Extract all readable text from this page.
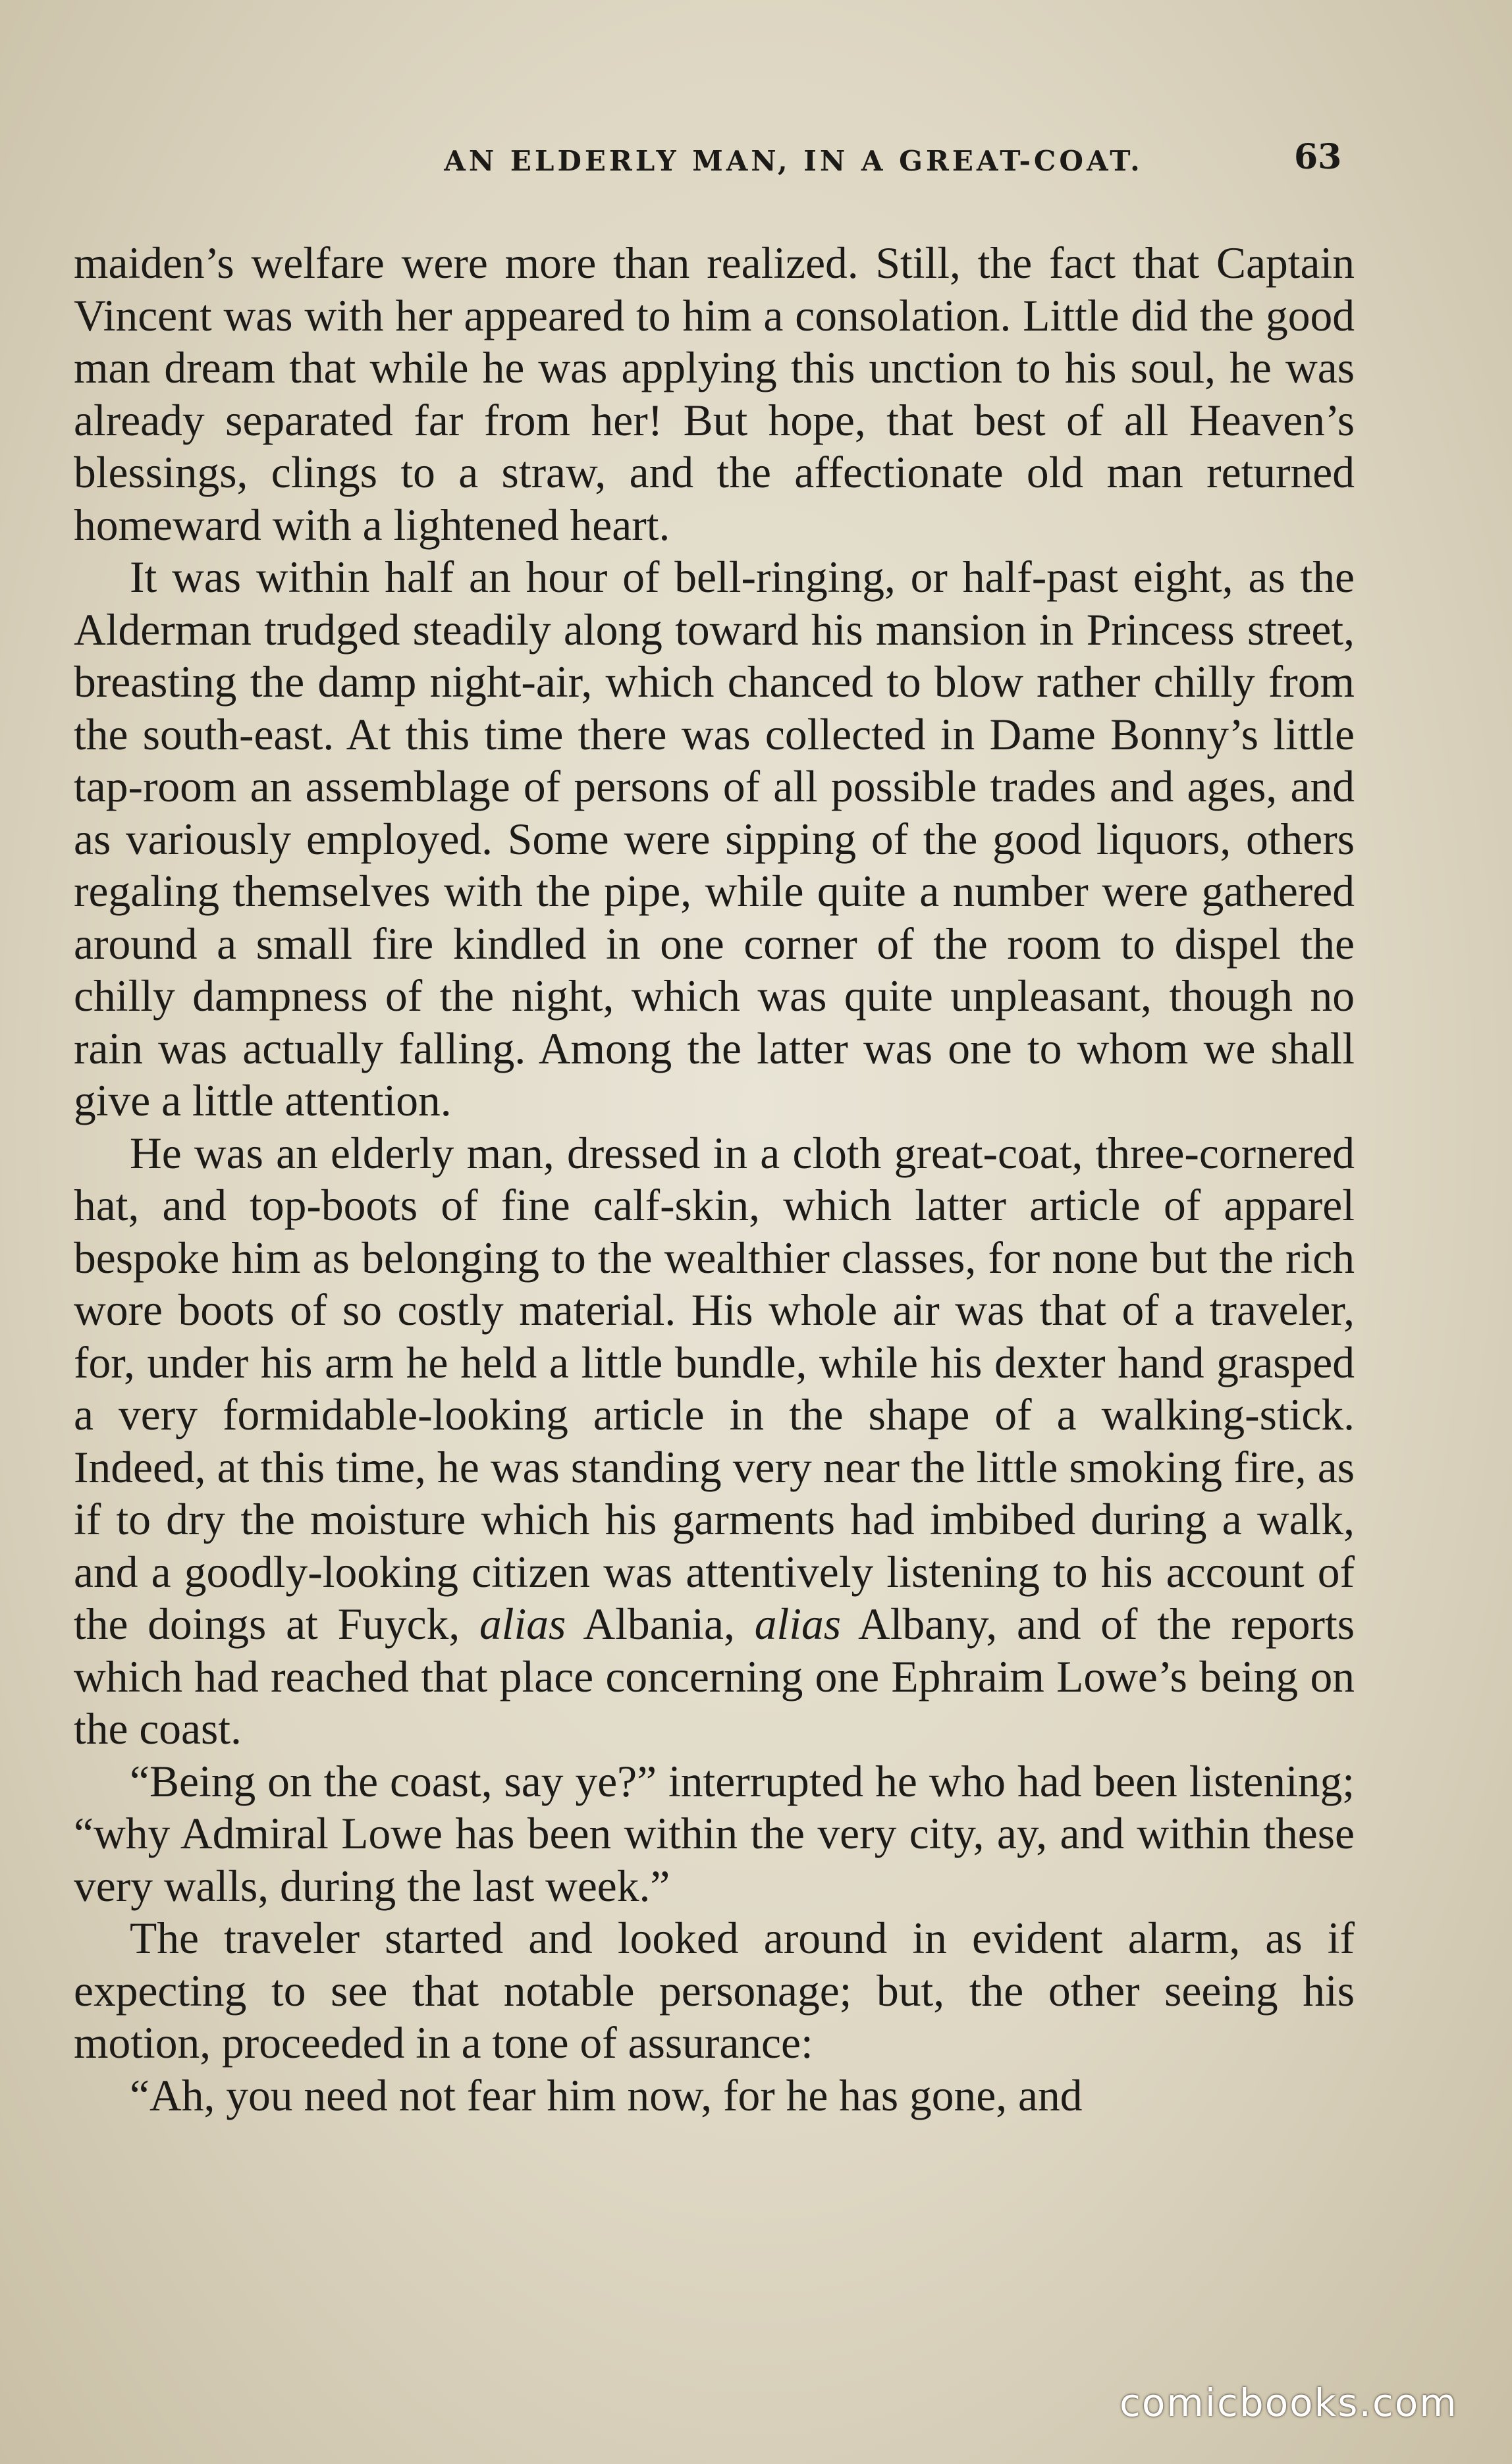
AN ELDERLY MAN, IN A GREAT-COAT.	63

maiden’s welfare were more than realized. Still, the fact that Captain Vincent was with her appeared to him a consolation. Little did the good man dream that while he was applying this unction to his soul, he was already separated far from her! But hope, that best of all Heaven’s blessings, clings to a straw, and the affectionate old man returned homeward with a lightened heart.

It was within half an hour of bell-ringing, or half-past eight, as the Alderman trudged steadily along toward his mansion in Princess street, breasting the damp night-air, which chanced to blow rather chilly from the south-east. At this time there was collected in Dame Bonny’s little tap-room an assemblage of persons of all possible trades and ages, and as variously employed. Some were sipping of the good liquors, others regaling themselves with the pipe, while quite a number were gathered around a small fire kindled in one corner of the room to dispel the chilly dampness of the night, which was quite unpleasant, though no rain was actually falling. Among the latter was one to whom we shall give a little attention.

He was an elderly man, dressed in a cloth great-coat, three-cornered hat, and top-boots of fine calf-skin, which latter article of apparel bespoke him as belonging to the wealthier classes, for none but the rich wore boots of so costly material. His whole air was that of a traveler, for, under his arm he held a little bundle, while his dexter hand grasped a very formidable-looking article in the shape of a walking-stick. Indeed, at this time, he was standing very near the little smoking fire, as if to dry the moisture which his garments had imbibed during a walk, and a goodly-looking citizen was attentively listening to his account of the doings at Fuyck, alias Albania, alias Albany, and of the reports which had reached that place concerning one Ephraim Lowe’s being on the coast.

“Being on the coast, say ye?” interrupted he who had been listening; “why Admiral Lowe has been within the very city, ay, and within these very walls, during the last week.”

The traveler started and looked around in evident alarm, as if expecting to see that notable personage; but, the other seeing his motion, proceeded in a tone of assurance:

“Ah, you need not fear him now, for he has gone, and

comicbooks.com
